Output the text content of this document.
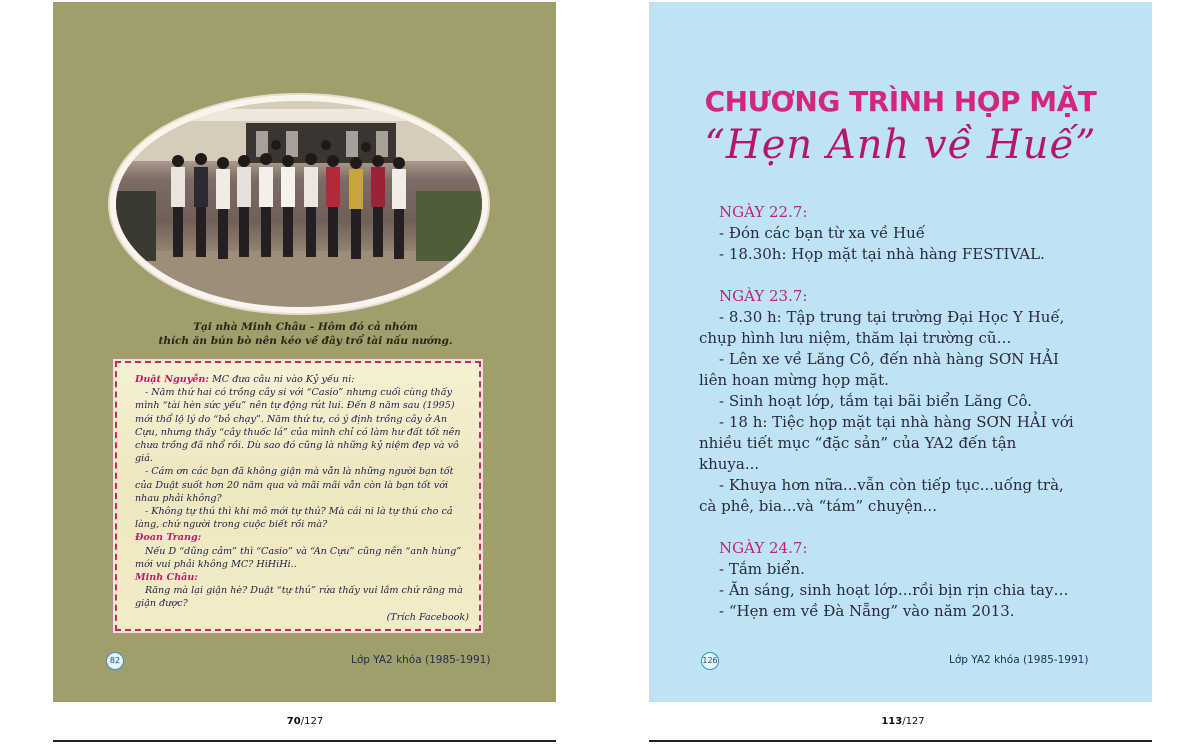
Tại nhà Minh Châu - Hôm đó cả nhóm
thích ăn bún bò nên kéo về đây trổ tài nấu nướng.

Duật Nguyễn: MC đưa câu ni vào Kỷ yếu ni:

- Năm thứ hai có trồng cây si với “Casio” nhưng cuối cùng thấy mình “tài hèn sức yếu” nên tự động rút lui. Đến 8 năm sau (1995) mới thổ lộ lý do “bỏ chạy”. Năm thứ tư, có ý định trồng cây ở An Cựu, nhưng thấy “cây thuốc lá” của mình chỉ có làm hư đất tốt nên chưa trồng đã nhổ rồi. Dù sao đó cũng là những kỷ niệm đẹp và vô giá.

- Cám ơn các bạn đã không giận mà vẫn là những người bạn tốt của Duật suốt hơn 20 năm qua và mãi mãi vẫn còn là bạn tốt với nhau phải không?

- Không tự thú thì khi mô mới tự thú? Mà cái ni là tự thú cho cả làng, chứ người trong cuộc biết rồi mà?

Đoan Trang:

Nếu D “dũng cảm” thì “Casio” và “An Cựu” cũng nên “anh hùng” mới vui phải không MC? HiHiHi..

Minh Châu:

Răng mà lại giận hè? Duật “tự thú” rứa thấy vui lắm chứ răng mà giận được?

(Trích Facebook)

82	Lớp YA2 khóa (1985-1991)
CHƯƠNG TRÌNH HỌP MẶT
“Hẹn Anh về Huế”
NGÀY 22.7:
- Đón các bạn từ xa về Huế
- 18.30h: Họp mặt tại nhà hàng FESTIVAL.
NGÀY 23.7:
- 8.30 h: Tập trung tại trường Đại Học Y Huế, chụp hình lưu niệm, thăm lại trường cũ…
- Lên xe về Lăng Cô, đến nhà hàng SƠN HẢI liên hoan mừng họp mặt.
- Sinh hoạt lớp, tắm tại bãi biển Lăng Cô.
- 18 h: Tiệc họp mặt tại nhà hàng SƠN HẢI với nhiều tiết mục “đặc sản” của YA2 đến tận khuya...
- Khuya hơn nữa...vẫn còn tiếp tục...uống trà, cà phê, bia...và “tám” chuyện...
NGÀY 24.7:
- Tắm biển.
- Ăn sáng, sinh hoạt lớp...rồi bịn rịn chia tay…
- “Hẹn em về Đà Nẵng” vào năm 2013.
126	Lớp YA2 khóa (1985-1991)
70/127	113/127
